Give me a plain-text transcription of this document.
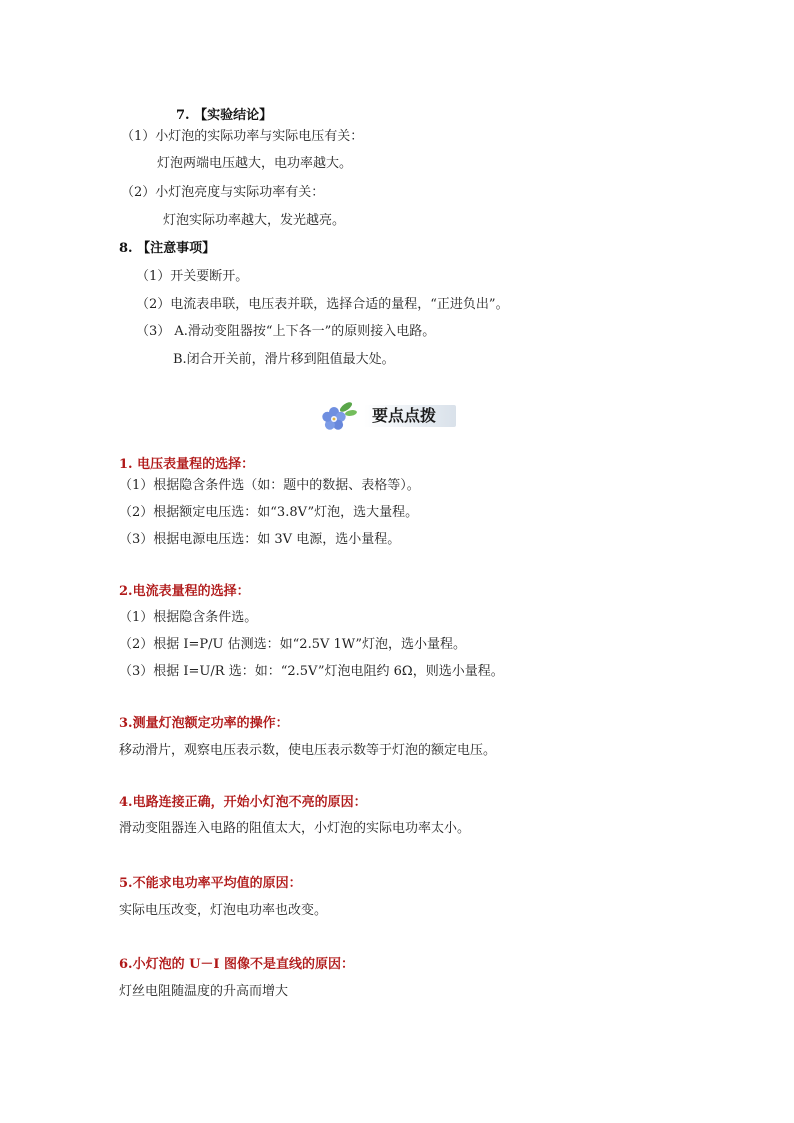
7. 【实验结论】
（1）小灯泡的实际功率与实际电压有关：
灯泡两端电压越大，电功率越大。
（2）小灯泡亮度与实际功率有关：
灯泡实际功率越大，发光越亮。
8. 【注意事项】
（1）开关要断开。
（2）电流表串联，电压表并联，选择合适的量程，“正进负出”。
（3） A.滑动变阻器按“上下各一”的原则接入电路。
B.闭合开关前，滑片移到阻值最大处。
要点点拨
1. 电压表量程的选择：
（1）根据隐含条件选（如：题中的数据、表格等）。
（2）根据额定电压选：如“3.8V”灯泡，选大量程。
（3）根据电源电压选：如 3V 电源，选小量程。
2.电流表量程的选择：
（1）根据隐含条件选。
（2）根据 I=P/U 估测选：如“2.5V 1W”灯泡，选小量程。
（3）根据 I=U/R 选：如：“2.5V”灯泡电阻约 6Ω，则选小量程。
3.测量灯泡额定功率的操作：
移动滑片，观察电压表示数，使电压表示数等于灯泡的额定电压。
4.电路连接正确，开始小灯泡不亮的原因：
滑动变阻器连入电路的阻值太大，小灯泡的实际电功率太小。
5.不能求电功率平均值的原因：
实际电压改变，灯泡电功率也改变。
6.小灯泡的 U－I 图像不是直线的原因：
灯丝电阻随温度的升高而增大
